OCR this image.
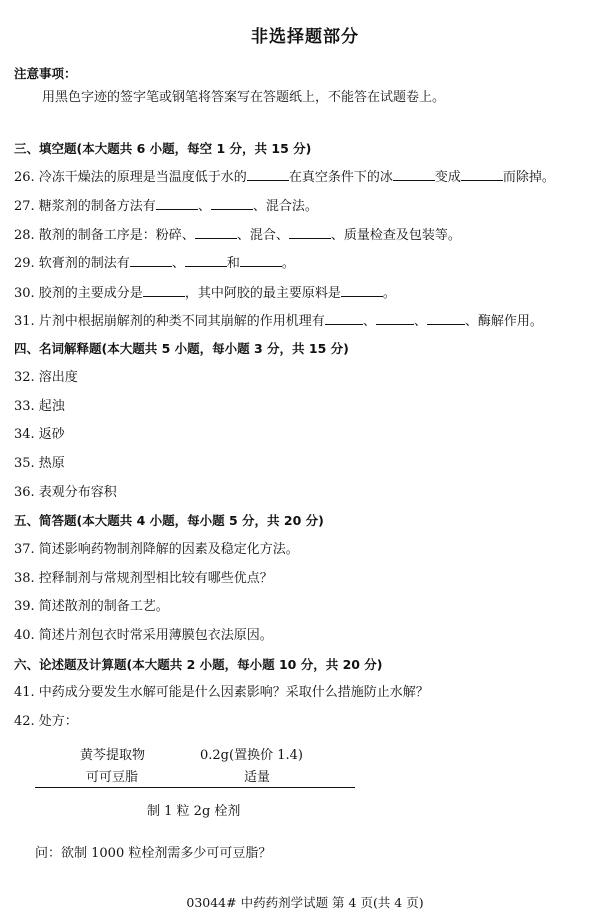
非选择题部分
注意事项：
用黑色字迹的签字笔或钢笔将答案写在答题纸上，不能答在试题卷上。
三、填空题(本大题共 6 小题，每空 1 分，共 15 分)
26. 冷冻干燥法的原理是当温度低于水的	在真空条件下的冰	变成	而除掉。
27. 糖浆剂的制备方法有	、	、混合法。
28. 散剂的制备工序是：粉碎、	、混合、	、质量检查及包装等。
29. 软膏剂的制法有	、	和	。
30. 胶剂的主要成分是	，其中阿胶的最主要原料是	。
31. 片剂中根据崩解剂的种类不同其崩解的作用机理有	、	、	、酶解作用。
四、名词解释题(本大题共 5 小题，每小题 3 分，共 15 分)
32. 溶出度
33. 起浊
34. 返砂
35. 热原
36. 表观分布容积
五、简答题(本大题共 4 小题，每小题 5 分，共 20 分)
37. 简述影响药物制剂降解的因素及稳定化方法。
38. 控释制剂与常规剂型相比较有哪些优点？
39. 简述散剂的制备工艺。
40. 简述片剂包衣时常采用薄膜包衣法原因。
六、论述题及计算题(本大题共 2 小题，每小题 10 分，共 20 分)
41. 中药成分要发生水解可能是什么因素影响？采取什么措施防止水解？
42. 处方：
黄芩提取物	0.2g(置换价 1.4)
可可豆脂	适量
制 1 粒 2g 栓剂
问：欲制 1000 粒栓剂需多少可可豆脂？
03044# 中药药剂学试题 第 4 页(共 4 页)
